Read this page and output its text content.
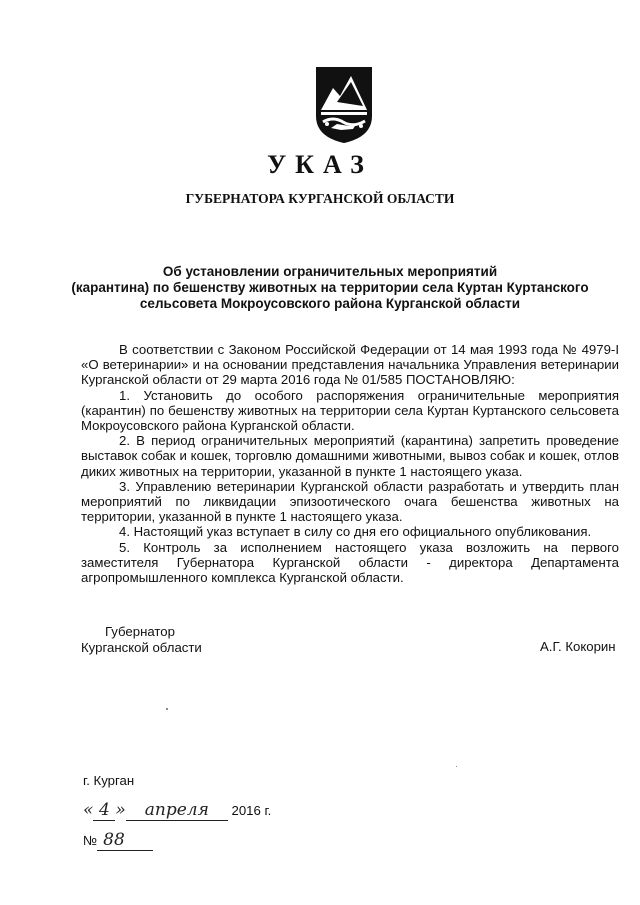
УКАЗ
ГУБЕРНАТОРА КУРГАНСКОЙ ОБЛАСТИ
Об установлении ограничительных мероприятий
(карантина) по бешенству животных на территории села Куртан Куртанского
сельсовета Мокроусовского района Курганской области
В соответствии с Законом Российской Федерации от 14 мая 1993 года № 4979-I «О ветеринарии» и на основании представления начальника Управления ветеринарии Курганской области от 29 марта 2016 года № 01/585 ПОСТАНОВЛЯЮ:
1. Установить до особого распоряжения ограничительные мероприятия (карантин) по бешенству животных на территории села Куртан Куртанского сельсовета Мокроусовского района Курганской области.
2. В период ограничительных мероприятий (карантина) запретить проведение выставок собак и кошек, торговлю домашними животными, вывоз собак и кошек, отлов диких животных на территории, указанной в пункте 1 настоящего указа.
3. Управлению ветеринарии Курганской области разработать и утвердить план мероприятий по ликвидации эпизоотического очага бешенства животных на территории, указанной в пункте 1 настоящего указа.
4. Настоящий указ вступает в силу со дня его официального опубликования.
5. Контроль за исполнением настоящего указа возложить на первого заместителя Губернатора Курганской области - директора Департамента агропромышленного комплекса Курганской области.
Губернатор
Курганской области	А.Г. Кокорин
г. Курган
« 4 » апреля 2016 г.
№ 88
